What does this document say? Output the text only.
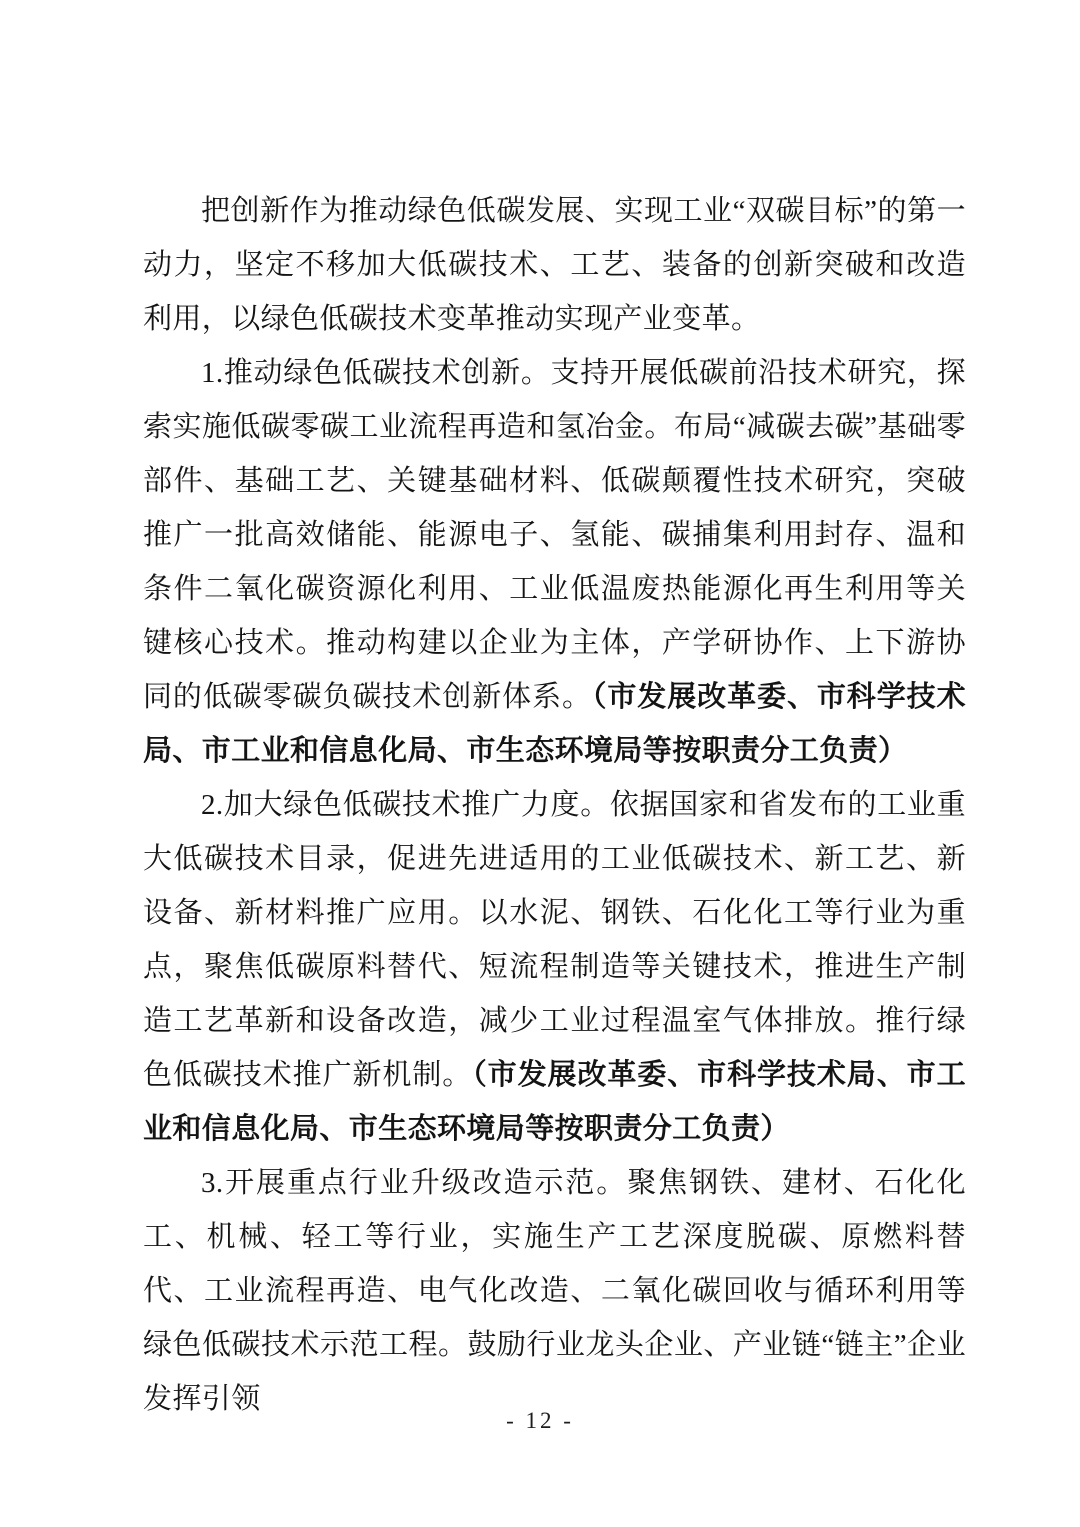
把创新作为推动绿色低碳发展、实现工业“双碳目标”的第一动力，坚定不移加大低碳技术、工艺、装备的创新突破和改造利用，以绿色低碳技术变革推动实现产业变革。

1.推动绿色低碳技术创新。支持开展低碳前沿技术研究，探索实施低碳零碳工业流程再造和氢冶金。布局“减碳去碳”基础零部件、基础工艺、关键基础材料、低碳颠覆性技术研究，突破推广一批高效储能、能源电子、氢能、碳捕集利用封存、温和条件二氧化碳资源化利用、工业低温废热能源化再生利用等关键核心技术。推动构建以企业为主体，产学研协作、上下游协同的低碳零碳负碳技术创新体系。（市发展改革委、市科学技术局、市工业和信息化局、市生态环境局等按职责分工负责）

2.加大绿色低碳技术推广力度。依据国家和省发布的工业重大低碳技术目录，促进先进适用的工业低碳技术、新工艺、新设备、新材料推广应用。以水泥、钢铁、石化化工等行业为重点，聚焦低碳原料替代、短流程制造等关键技术，推进生产制造工艺革新和设备改造，减少工业过程温室气体排放。推行绿色低碳技术推广新机制。（市发展改革委、市科学技术局、市工业和信息化局、市生态环境局等按职责分工负责）

3.开展重点行业升级改造示范。聚焦钢铁、建材、石化化工、机械、轻工等行业，实施生产工艺深度脱碳、原燃料替代、工业流程再造、电气化改造、二氧化碳回收与循环利用等绿色低碳技术示范工程。鼓励行业龙头企业、产业链“链主”企业发挥引领

- 12 -
